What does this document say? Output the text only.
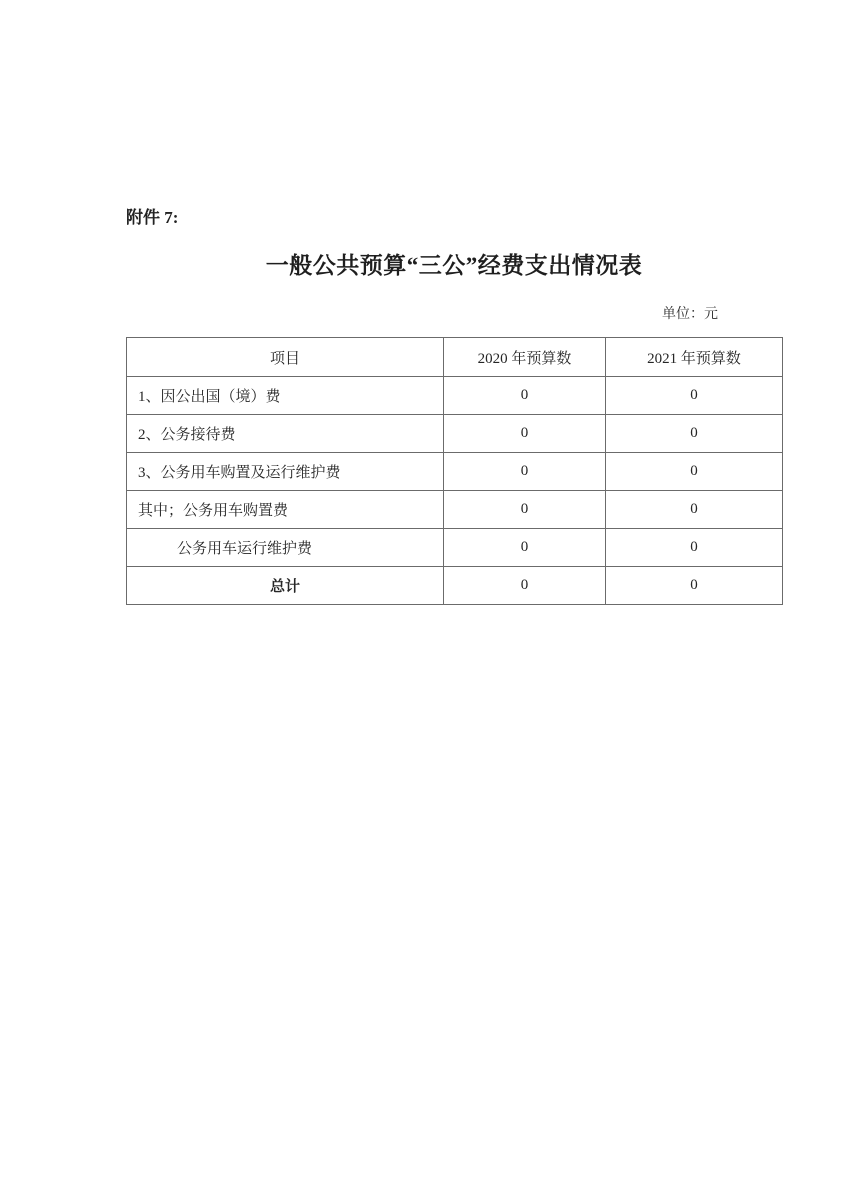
附件 7:
一般公共预算“三公”经费支出情况表
单位：元
项目	2020 年预算数	2021 年预算数
1、因公出国（境）费	0	0
2、公务接待费	0	0
3、公务用车购置及运行维护费	0	0
其中；公务用车购置费	0	0
公务用车运行维护费	0	0
总计	0	0
